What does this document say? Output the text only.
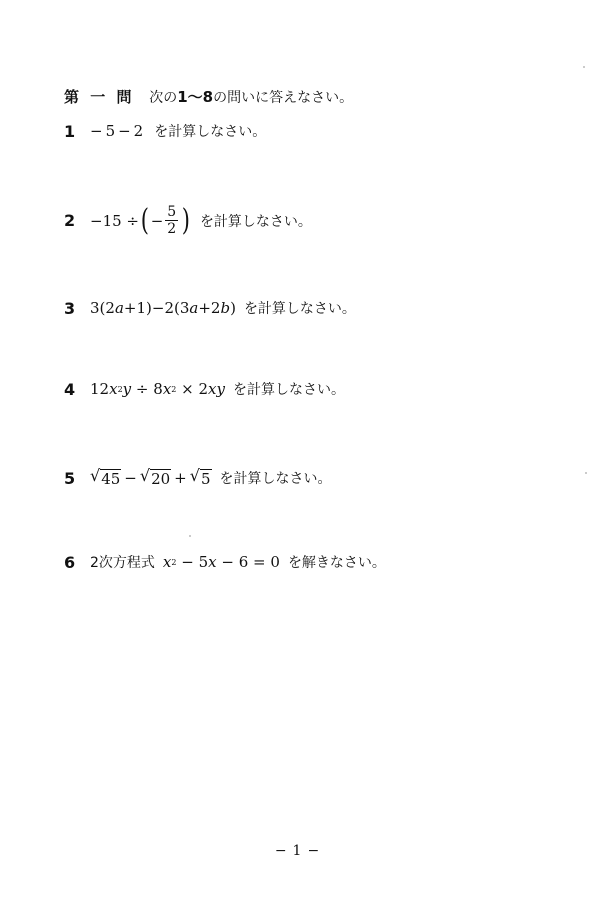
第 一 問 次の1〜8の問いに答えなさい。
1 −5−2 を計算しなさい。
2 −15 ÷ ( − $\frac{5}{2}$ ) を計算しなさい。
3 3(2 a +1)−2(3 a +2 b ) を計算しなさい。
4 12 x 2 y
÷ 8 x 2
× 2 x y を計算しなさい。
5 √ 45 − √ 20 + √ 5 を計算しなさい。
6	2次方程式 x 2
− 5 x
− 6 = 0 を解きなさい。
−1−
